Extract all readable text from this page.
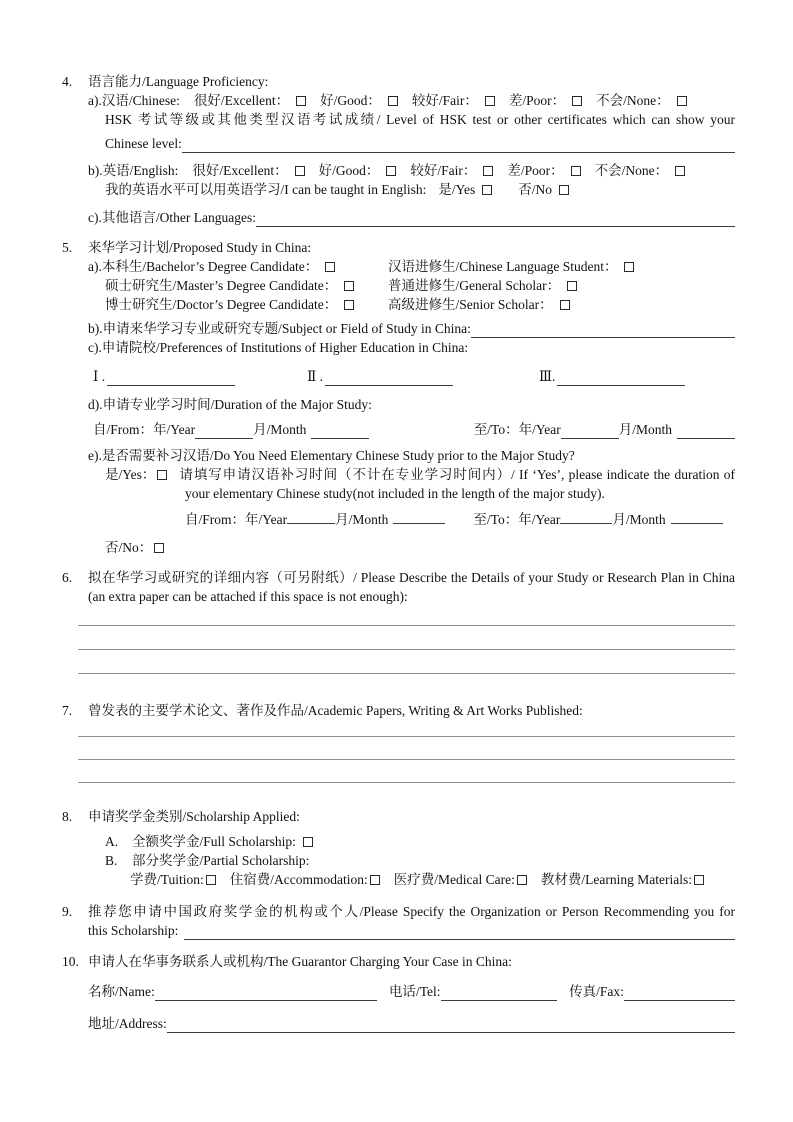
4.	语言能力/Language Proficiency:
a).汉语/Chinese: 很好/Excellent： 好/Good： 较好/Fair： 差/Poor： 不会/None：
HSK 考试等级或其他类型汉语考试成绩/ Level of HSK test or other certificates which can show your
Chinese level:
b).英语/English: 很好/Excellent： 好/Good： 较好/Fair： 差/Poor： 不会/None：
我的英语水平可以用英语学习/I can be taught in English: 是/Yes	否/No
c).其他语言/Other Languages:
5.	来华学习计划/Proposed Study in China:
a).本科生/Bachelor’s Degree Candidate：	汉语进修生/Chinese Language Student：
硕士研究生/Master’s Degree Candidate：	普通进修生/General Scholar：
博士研究生/Doctor’s Degree Candidate：	高级进修生/Senior Scholar：
b).申请来华学习专业或研究专题/Subject or Field of Study in China:
c).申请院校/Preferences of Institutions of Higher Education in China:
Ⅰ .	Ⅱ .	Ⅲ.
d).申请专业学习时间/Duration of the Major Study:
自/From： 年/Year	月/Month	至/To： 年/Year	月/Month
e).是否需要补习汉语/Do You Need Elementary Chinese Study prior to the Major Study?
是/Yes： 请填写申请汉语补习时间（不计在专业学习时间内）/ If ‘Yes’, please indicate the duration of
your elementary Chinese study(not included in the length of the major study).
自/From：年/Year	月/Month	至/To：年/Year	月/Month
否/No：
6.	拟在华学习或研究的详细内容（可另附纸）/ Please Describe the Details of your Study or Research Plan in China
(an extra paper can be attached if this space is not enough):
7.	曾发表的主要学术论文、著作及作品/Academic Papers, Writing & Art Works Published:
8.	申请奖学金类别/Scholarship Applied:
A. 全额奖学金/Full Scholarship:
B. 部分奖学金/Partial Scholarship:
学费/Tuition: 住宿费/Accommodation: 医疗费/Medical Care: 教材费/Learning Materials:
9.	推荐您申请中国政府奖学金的机构或个人/Please Specify the Organization or Person Recommending you for
this Scholarship:
10. 申请人在华事务联系人或机构/The Guarantor Charging Your Case in China:
名称/Name:	电话/Tel:	传真/Fax:
地址/Address:
